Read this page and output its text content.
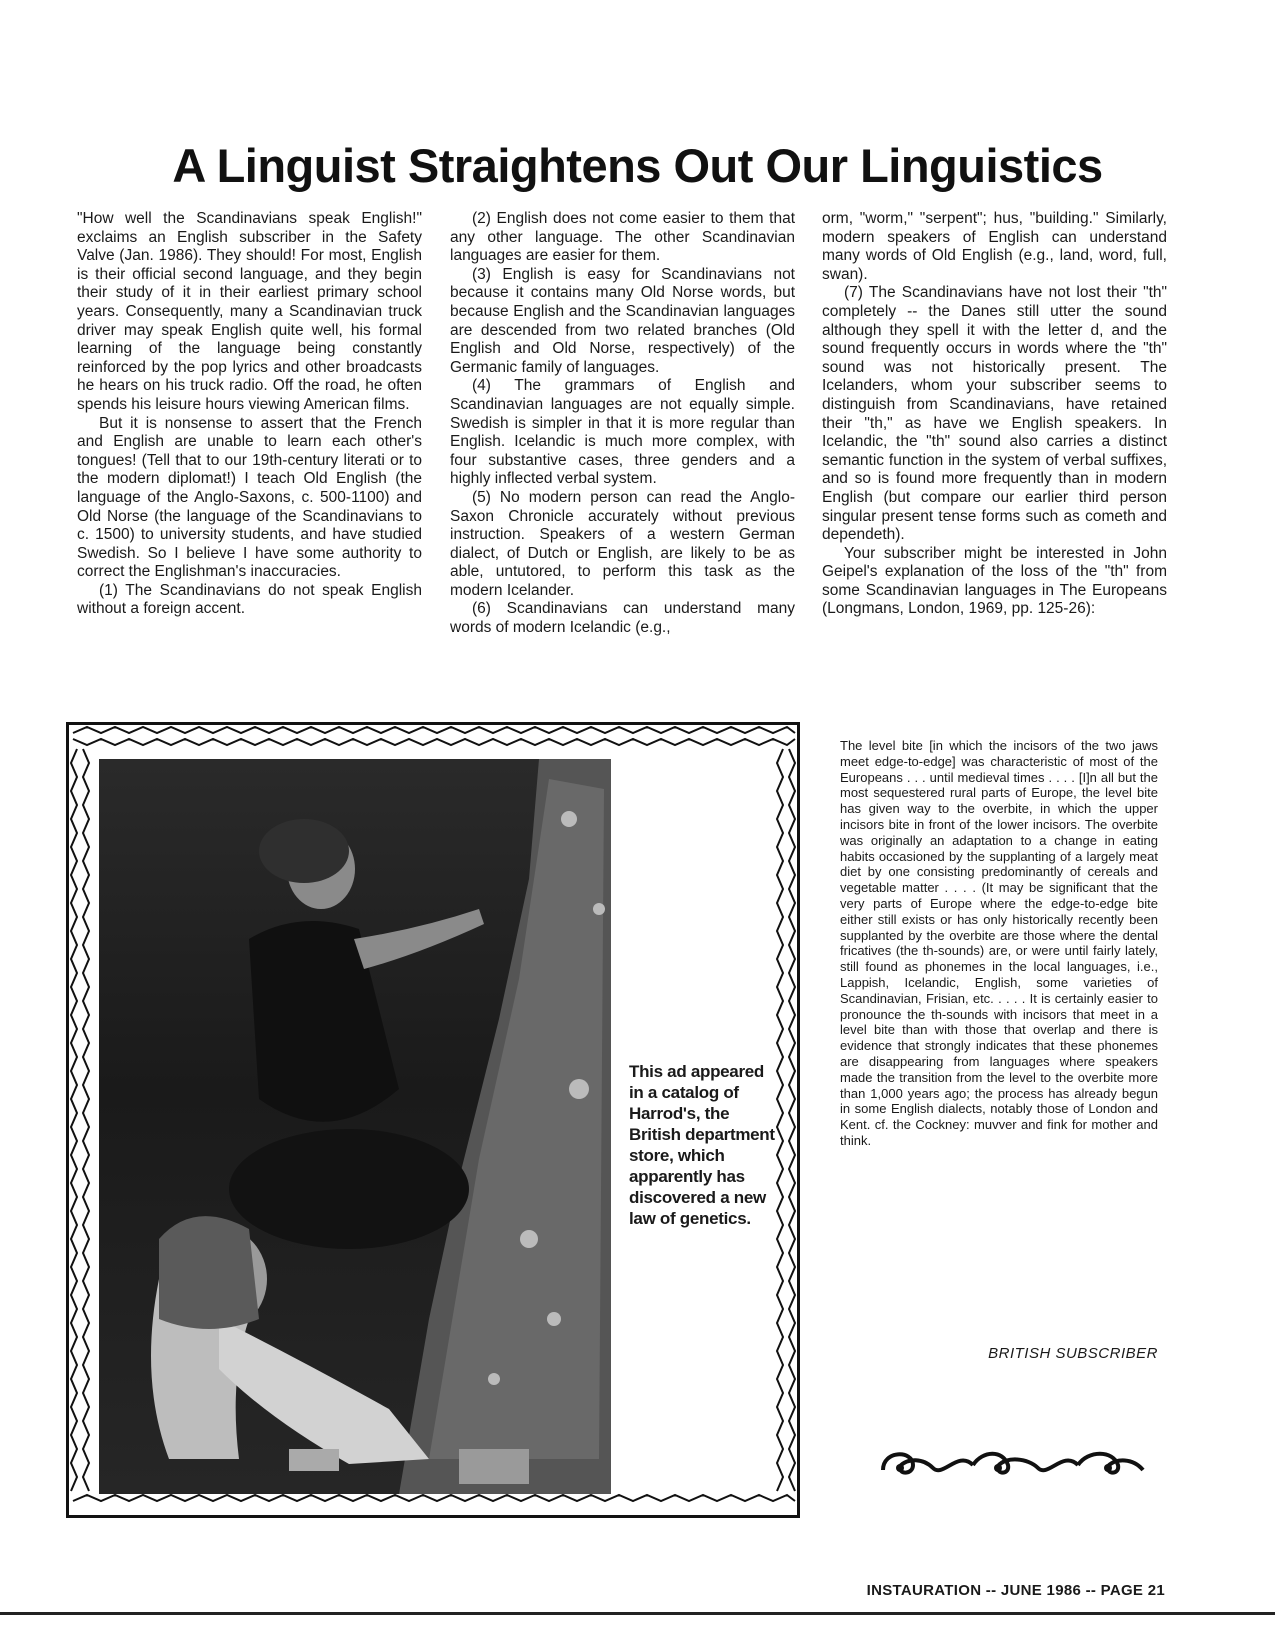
A Linguist Straightens Out Our Linguistics

"How well the Scandinavians speak English!" exclaims an English subscriber in the Safety Valve (Jan. 1986). They should! For most, English is their official second language, and they begin their study of it in their earliest primary school years. Consequently, many a Scandinavian truck driver may speak English quite well, his formal learning of the language being constantly reinforced by the pop lyrics and other broadcasts he hears on his truck radio. Off the road, he often spends his leisure hours viewing American films.

But it is nonsense to assert that the French and English are unable to learn each other's tongues! (Tell that to our 19th-century literati or to the modern diplomat!) I teach Old English (the language of the Anglo-Saxons, c. 500-1100) and Old Norse (the language of the Scandinavians to c. 1500) to university students, and have studied Swedish. So I believe I have some authority to correct the Englishman's inaccuracies.

(1) The Scandinavians do not speak English without a foreign accent.

(2) English does not come easier to them that any other language. The other Scandinavian languages are easier for them.

(3) English is easy for Scandinavians not because it contains many Old Norse words, but because English and the Scandinavian languages are descended from two related branches (Old English and Old Norse, respectively) of the Germanic family of languages.

(4) The grammars of English and Scandinavian languages are not equally simple. Swedish is simpler in that it is more regular than English. Icelandic is much more complex, with four substantive cases, three genders and a highly inflected verbal system.

(5) No modern person can read the Anglo-Saxon Chronicle accurately without previous instruction. Speakers of a western German dialect, of Dutch or English, are likely to be as able, untutored, to perform this task as the modern Icelander.

(6) Scandinavians can understand many words of modern Icelandic (e.g.,

orm, "worm," "serpent"; hus, "building." Similarly, modern speakers of English can understand many words of Old English (e.g., land, word, full, swan).

(7) The Scandinavians have not lost their "th" completely -- the Danes still utter the sound although they spell it with the letter d, and the sound frequently occurs in words where the "th" sound was not historically present. The Icelanders, whom your subscriber seems to distinguish from Scandinavians, have retained their "th," as have we English speakers. In Icelandic, the "th" sound also carries a distinct semantic function in the system of verbal suffixes, and so is found more frequently than in modern English (but compare our earlier third person singular present tense forms such as cometh and dependeth).

Your subscriber might be interested in John Geipel's explanation of the loss of the "th" from some Scandinavian languages in The Europeans (Longmans, London, 1969, pp. 125-26):

The level bite [in which the incisors of the two jaws meet edge-to-edge] was characteristic of most of the Europeans . . . until medieval times . . . . [I]n all but the most sequestered rural parts of Europe, the level bite has given way to the overbite, in which the upper incisors bite in front of the lower incisors. The overbite was originally an adaptation to a change in eating habits occasioned by the supplanting of a largely meat diet by one consisting predominantly of cereals and vegetable matter . . . . (It may be significant that the very parts of Europe where the edge-to-edge bite either still exists or has only historically recently been supplanted by the overbite are those where the dental fricatives (the th-sounds) are, or were until fairly lately, still found as phonemes in the local languages, i.e., Lappish, Icelandic, English, some varieties of Scandinavian, Frisian, etc. . . . . It is certainly easier to pronounce the th-sounds with incisors that meet in a level bite than with those that overlap and there is evidence that strongly indicates that these phonemes are disappearing from languages where speakers made the transition from the level to the overbite more than 1,000 years ago; the process has already begun in some English dialects, notably those of London and Kent. cf. the Cockney: muvver and fink for mother and think.
BRITISH SUBSCRIBER
This ad appeared in a catalog of Harrod's, the British department store, which apparently has discovered a new law of genetics.
INSTAURATION -- JUNE 1986 -- PAGE 21
